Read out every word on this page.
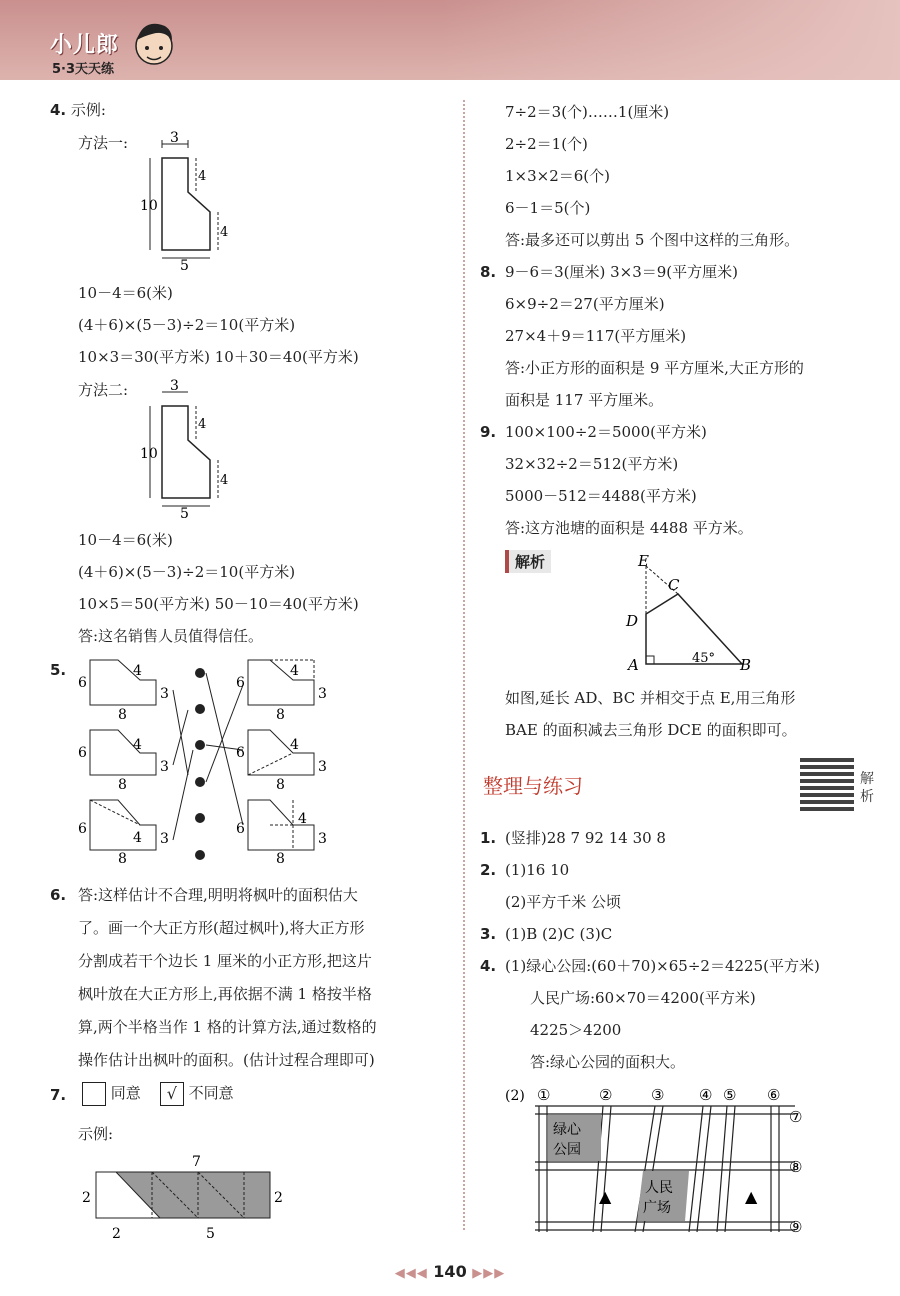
小儿郎
5·3天天练
4. 示例:
方法一:	3
10
4
4
5
10－4＝6(米)
(4＋6)×(5－3)÷2＝10(平方米)
10×3＝30(平方米) 10＋30＝40(平方米)
方法二:	3
10
4
4
5
10－4＝6(米)
(4＋6)×(5－3)÷2＝10(平方米)
10×5＝50(平方米) 50－10＝40(平方米)
答:这名销售人员值得信任。
5.
6
4
3
8
6	4
3
8
6
4 3
8
6
4
3
8
6	4
3
8
6
4
3
8
6. 答:这样估计不合理,明明将枫叶的面积估大
了。画一个大正方形(超过枫叶),将大正方形
分割成若干个边长 1 厘米的小正方形,把这片
枫叶放在大正方形上,再依据不满 1 格按半格
算,两个半格当作 1 格的计算方法,通过数格的
操作估计出枫叶的面积。(估计过程合理即可)
7.	同意 √ 不同意
示例:
7
2	2
2	5
7÷2＝3(个)……1(厘米)
2÷2＝1(个)
1×3×2＝6(个)
6－1＝5(个)
答:最多还可以剪出 5 个图中这样的三角形。
8. 9－6＝3(厘米) 3×3＝9(平方厘米)
6×9÷2＝27(平方厘米)
27×4＋9＝117(平方厘米)
答:小正方形的面积是 9 平方厘米,大正方形的
面积是 117 平方厘米。
9. 100×100÷2＝5000(平方米)
32×32÷2＝512(平方米)
5000－512＝4488(平方米)
答:这方池塘的面积是 4488 平方米。
解析	E
C
D
A	B
45°
如图,延长 AD、BC 并相交于点 E,用三角形
BAE 的面积减去三角形 DCE 的面积即可。
整理与练习	解析
1. (竖排)28 7 92 14 30 8
2. (1)16 10
(2)平方千米 公顷
3. (1)B (2)C (3)C
4. (1)绿心公园:(60＋70)×65÷2＝4225(平方米)
人民广场:60×70＝4200(平方米)
4225＞4200
答:绿心公园的面积大。
(2) ①	②	③ ④ ⑤ ⑥
⑦
⑧
⑨
绿心
公园
人民
广场
▲	▲
◀◀◀ 140 ▶▶▶
